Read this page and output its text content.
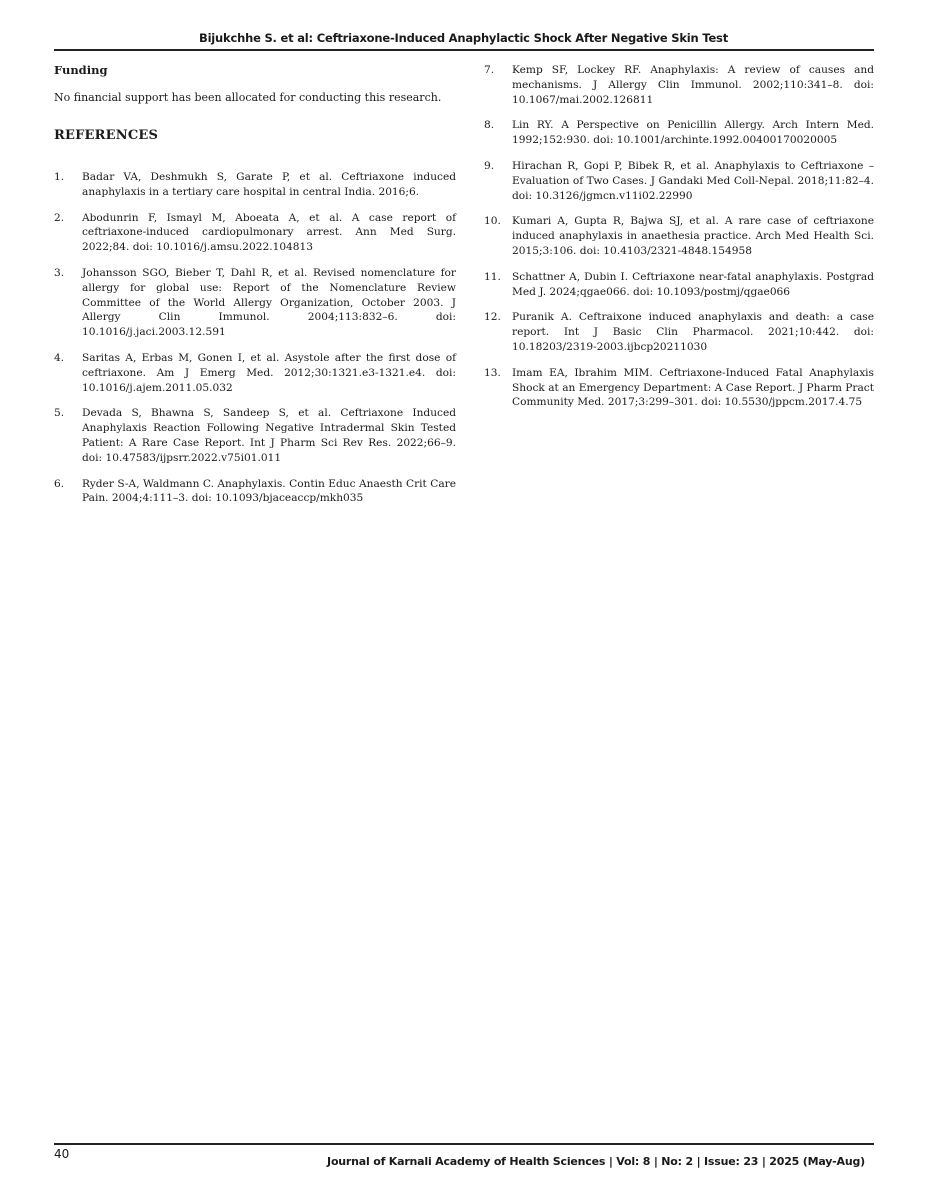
Bijukchhe S. et al: Ceftriaxone-Induced Anaphylactic Shock After Negative Skin Test
Funding
No financial support has been allocated for conducting this research.
REFERENCES
1.	Badar VA, Deshmukh S, Garate P, et al. Ceftriaxone induced anaphylaxis in a tertiary care hospital in central India. 2016;6.
2.	Abodunrin F, Ismayl M, Aboeata A, et al. A case report of ceftriaxone-induced cardiopulmonary arrest. Ann Med Surg. 2022;84. doi: 10.1016/j.amsu.2022.104813
3.	Johansson SGO, Bieber T, Dahl R, et al. Revised nomenclature for allergy for global use: Report of the Nomenclature Review Committee of the World Allergy Organization, October 2003. J Allergy Clin Immunol. 2004;113:832–6. doi: 10.1016/j.jaci.2003.12.591
4.	Saritas A, Erbas M, Gonen I, et al. Asystole after the first dose of ceftriaxone. Am J Emerg Med. 2012;30:1321.e3-1321.e4. doi: 10.1016/j.ajem.2011.05.032
5.	Devada S, Bhawna S, Sandeep S, et al. Ceftriaxone Induced Anaphylaxis Reaction Following Negative Intradermal Skin Tested Patient: A Rare Case Report. Int J Pharm Sci Rev Res. 2022;66–9. doi: 10.47583/ijpsrr.2022.v75i01.011
6.	Ryder S-A, Waldmann C. Anaphylaxis. Contin Educ Anaesth Crit Care Pain. 2004;4:111–3. doi: 10.1093/bjaceaccp/mkh035
7.	Kemp SF, Lockey RF. Anaphylaxis: A review of causes and mechanisms. J Allergy Clin Immunol. 2002;110:341–8. doi: 10.1067/mai.2002.126811
8.	Lin RY. A Perspective on Penicillin Allergy. Arch Intern Med. 1992;152:930. doi: 10.1001/archinte.1992.00400170020005
9.	Hirachan R, Gopi P, Bibek R, et al. Anaphylaxis to Ceftriaxone – Evaluation of Two Cases. J Gandaki Med Coll-Nepal. 2018;11:82–4. doi: 10.3126/jgmcn.v11i02.22990
10.	Kumari A, Gupta R, Bajwa SJ, et al. A rare case of ceftriaxone induced anaphylaxis in anaethesia practice. Arch Med Health Sci. 2015;3:106. doi: 10.4103/2321-4848.154958
11.	Schattner A, Dubin I. Ceftriaxone near-fatal anaphylaxis. Postgrad Med J. 2024;qgae066. doi: 10.1093/postmj/qgae066
12.	Puranik A. Ceftraixone induced anaphylaxis and death: a case report. Int J Basic Clin Pharmacol. 2021;10:442. doi: 10.18203/2319-2003.ijbcp20211030
13.	Imam EA, Ibrahim MIM. Ceftriaxone-Induced Fatal Anaphylaxis Shock at an Emergency Department: A Case Report. J Pharm Pract Community Med. 2017;3:299–301. doi: 10.5530/jppcm.2017.4.75
40
Journal of Karnali Academy of Health Sciences | Vol: 8 | No: 2 | Issue: 23 | 2025 (May-Aug)
